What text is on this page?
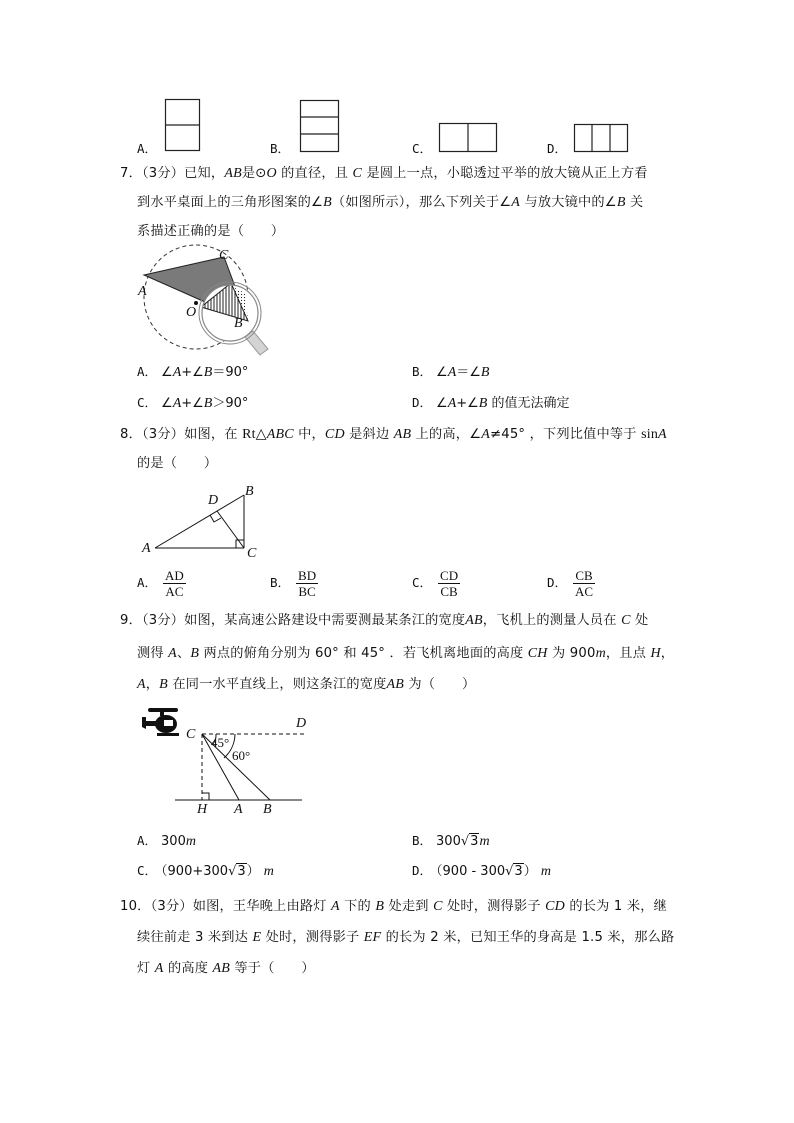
A．	B．	C．	D．
7．（3分）已知，AB是⊙O 的直径，且 C 是圆上一点，小聪透过平举的放大镜从正上方看
到水平桌面上的三角形图案的∠B（如图所示），那么下列关于∠A 与放大镜中的∠B 关
系描述正确的是（　　）
A
C
O
B
A． ∠A+∠B＝90°	B． ∠A＝∠B
C． ∠A+∠B＞90°	D． ∠A+∠B 的值无法确定
8．（3分）如图，在 Rt△ABC 中，CD 是斜边 AB 上的高，∠A≠45° ，下列比值中等于 sinA
的是（　　）
A
B
C
D
A． $\frac{AD}{AC}$	B． $\frac{BD}{BC}$	C． $\frac{CD}{CB}$	D． $\frac{CB}{AC}$
9．（3分）如图，某高速公路建设中需要测最某条江的宽度AB，飞机上的测量人员在 C 处
测得 A、B 两点的俯角分别为 60° 和 45° ．若飞机离地面的高度 CH 为 900m，且点 H，
A，B 在同一水平直线上，则这条江的宽度AB 为（　　）
C
D
H A B
45°
60°
A． 300m	B． 300√3m
C． （900+300√3） m	D． （900 - 300√3） m
10．（3分）如图，王华晚上由路灯 A 下的 B 处走到 C 处时，测得影子 CD 的长为 1 米，继
续往前走 3 米到达 E 处时，测得影子 EF 的长为 2 米，已知王华的身高是 1.5 米，那么路
灯 A 的高度 AB 等于（　　）
